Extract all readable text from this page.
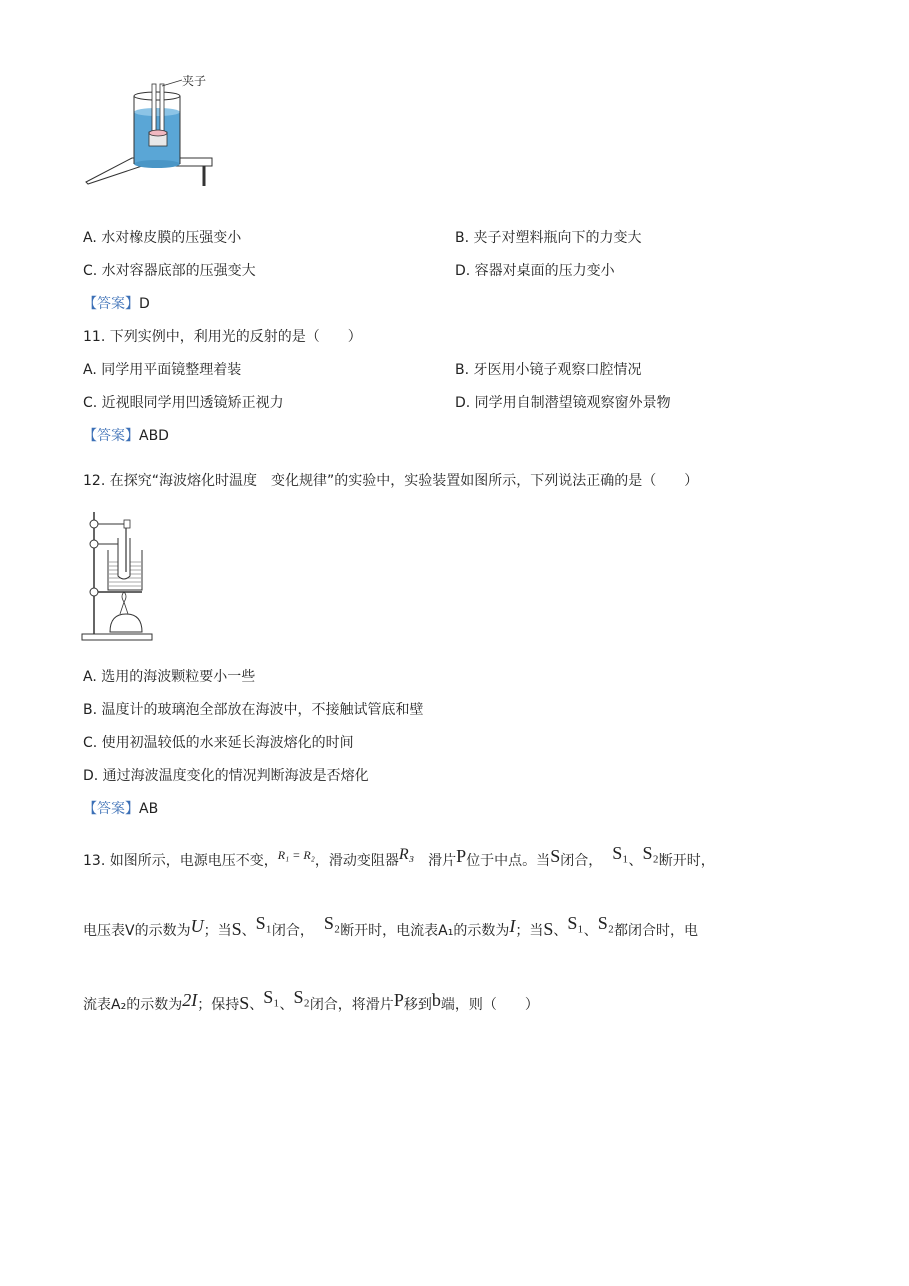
夹子
A. 水对橡皮膜的压强变小	B. 夹子对塑料瓶向下的力变大
C. 水对容器底部的压强变大	D. 容器对桌面的压力变小
【答案】D
11. 下列实例中，利用光的反射的是（　　）
A. 同学用平面镜整理着装	B. 牙医用小镜子观察口腔情况
C. 近视眼同学用凹透镜矫正视力	D. 同学用自制潜望镜观察窗外景物
【答案】ABD
12. 在探究“海波熔化时温度　变化规律”的实验中，实验装置如图所示，下列说法正确的是（　　）
A. 选用的海波颗粒要小一些
B. 温度计的玻璃泡全部放在海波中，不接触试管底和壁
C. 使用初温较低的水来延长海波熔化的时间
D. 通过海波温度变化的情况判断海波是否熔化
【答案】AB
13. 如图所示，电源电压不变，R₁ = R₂，滑动变阻器R₃ 滑片P位于中点。当S闭合， S₁、S₂断开时，
电压表V的示数为U；当S、S₁闭合， S₂断开时，电流表A₁的示数为I；当S、S₁、S₂都闭合时，电
流表A₂的示数为2I；保持S、S₁、S₂闭合，将滑片P移到b端，则（　　）
